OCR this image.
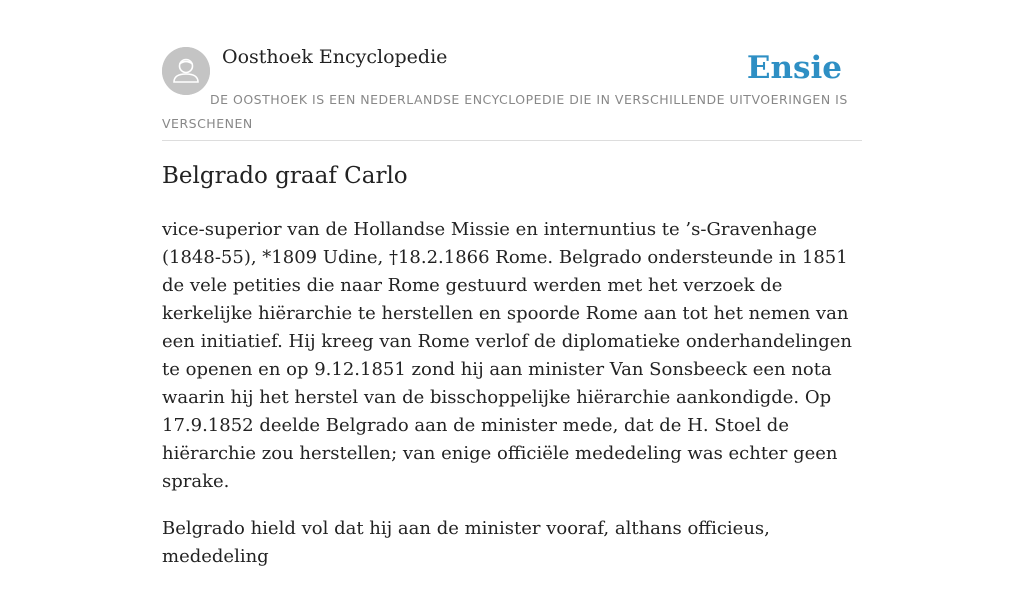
Oosthoek Encyclopedie	Ensie
DE OOSTHOEK IS EEN NEDERLANDSE ENCYCLOPEDIE DIE IN VERSCHILLENDE UITVOERINGEN IS VERSCHENEN
Belgrado graaf Carlo

vice-superior van de Hollandse Missie en internuntius te ’s-Gravenhage (1848-55), *1809 Udine, †18.2.1866 Rome. Belgrado ondersteunde in 1851 de vele petities die naar Rome gestuurd werden met het verzoek de kerkelijke hiërarchie te herstellen en spoorde Rome aan tot het nemen van een initiatief. Hij kreeg van Rome verlof de diplomatieke onderhandelingen te openen en op 9.12.1851 zond hij aan minister Van Sonsbeeck een nota waarin hij het herstel van de bisschoppelijke hiërarchie aankondigde. Op 17.9.1852 deelde Belgrado aan de minister mede, dat de H. Stoel de hiërarchie zou herstellen; van enige officiële mededeling was echter geen sprake.

Belgrado hield vol dat hij aan de minister vooraf, althans officieus, mededeling
